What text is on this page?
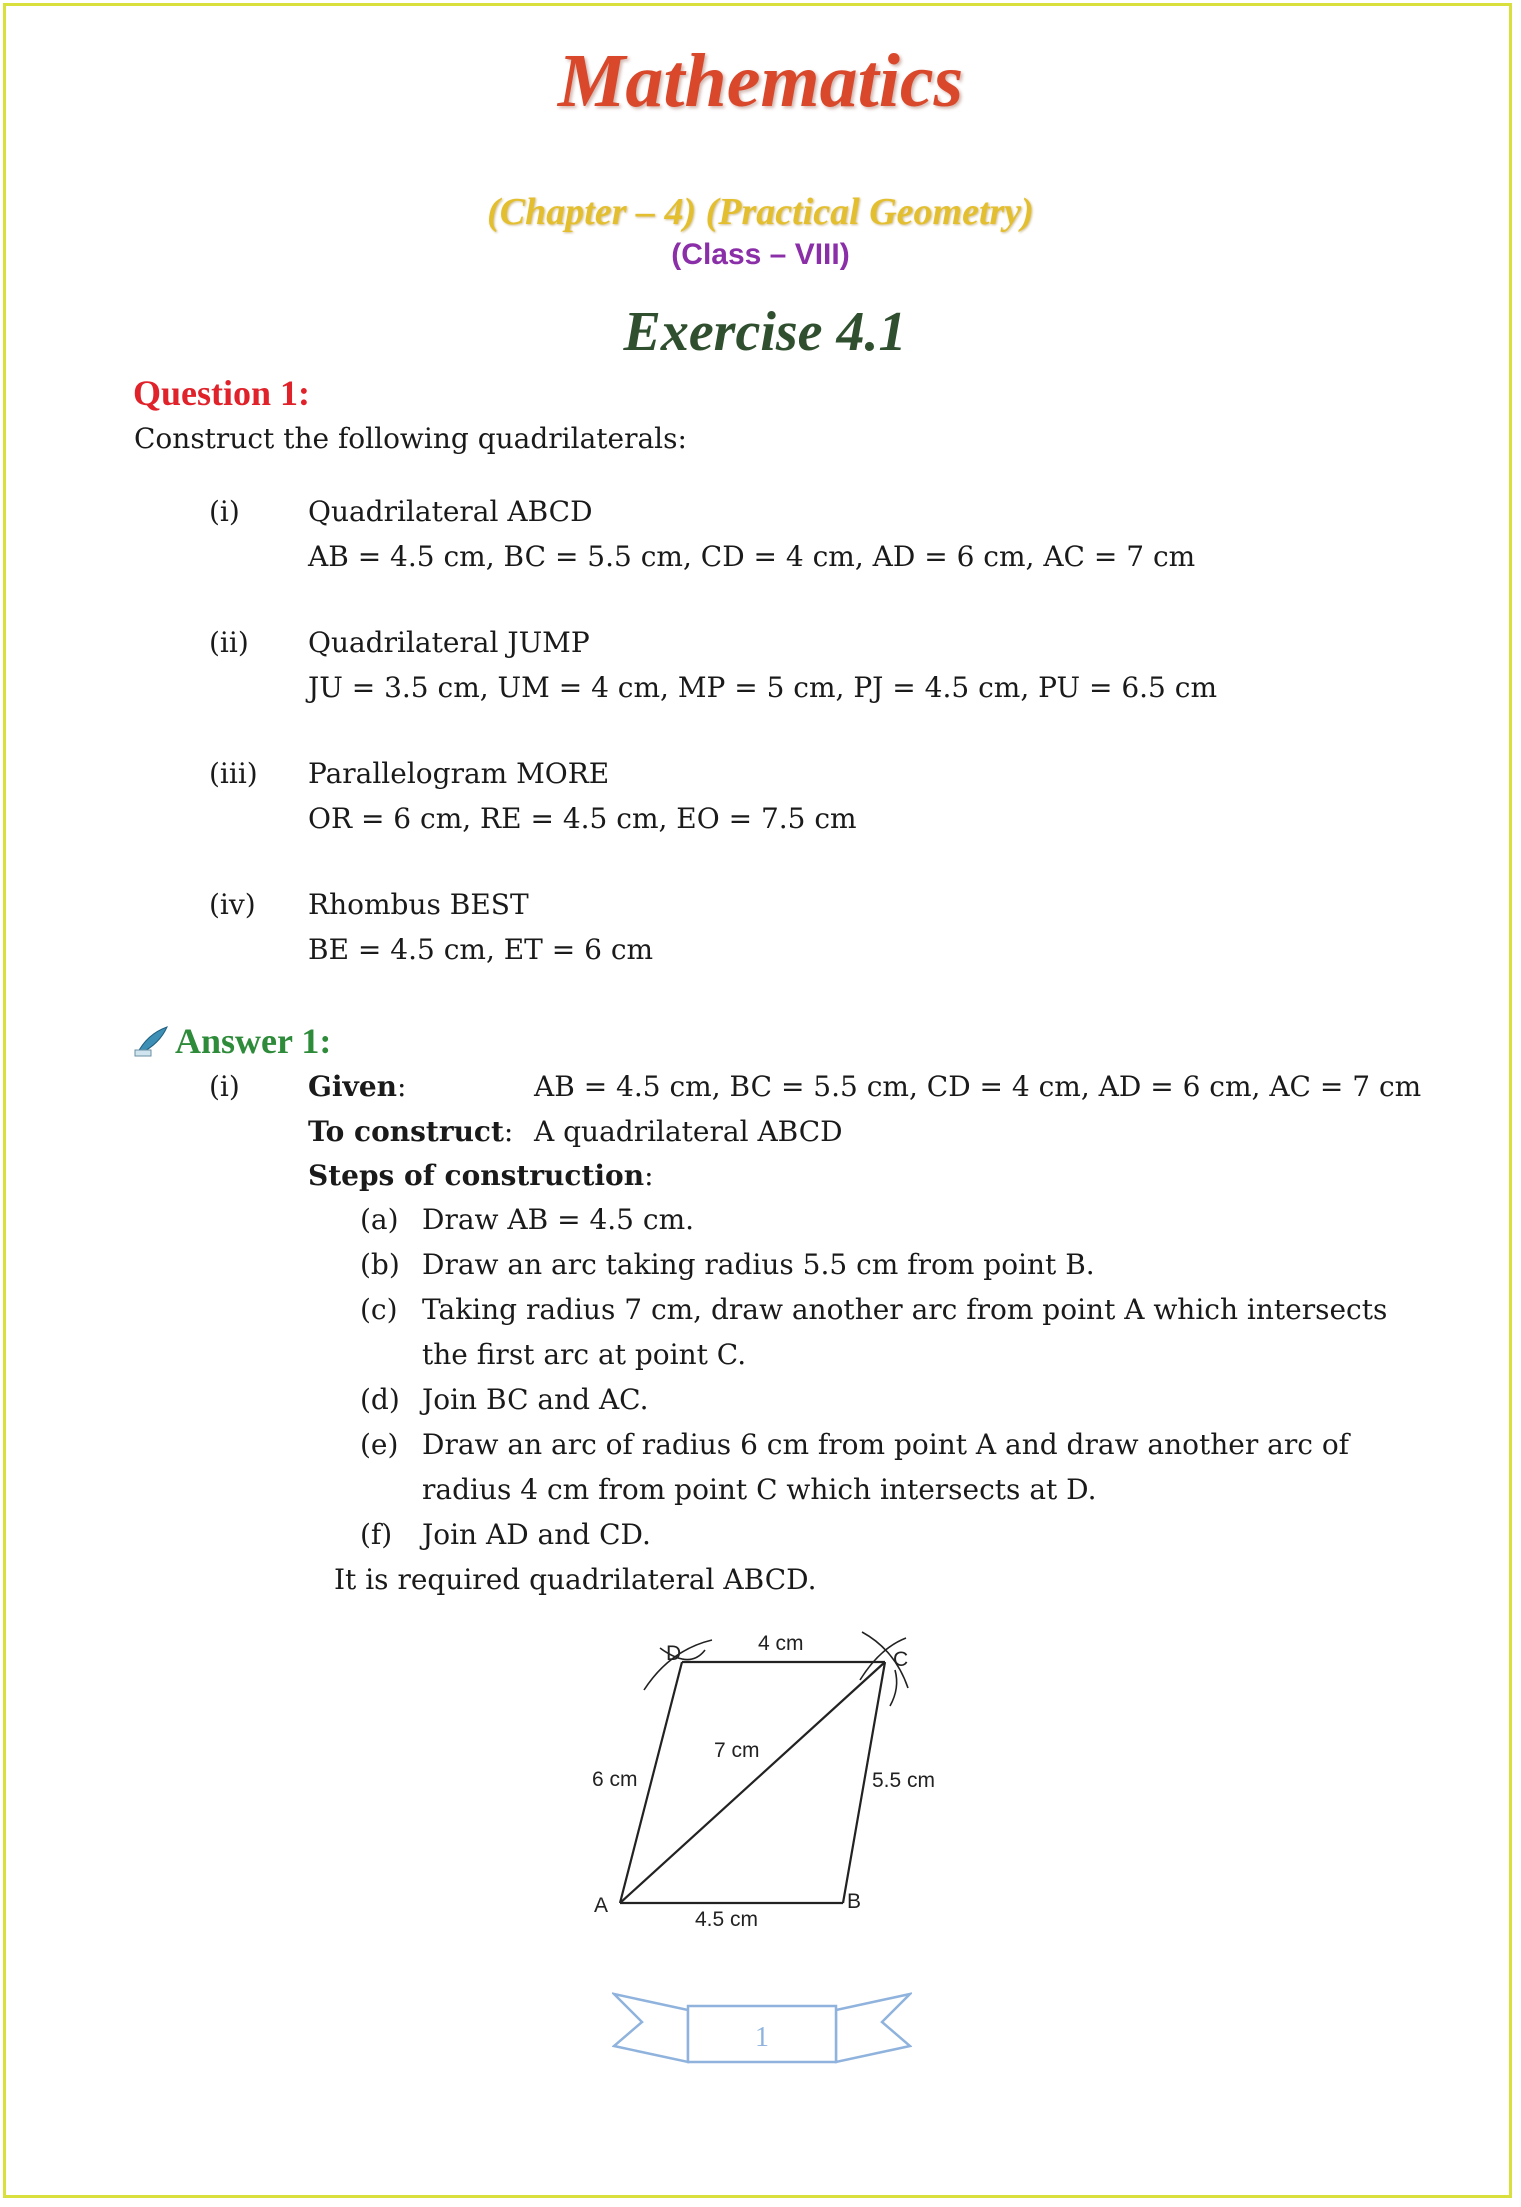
Mathematics
(Chapter – 4) (Practical Geometry)
(Class – VIII)
Exercise 4.1
Question 1:
Construct the following quadrilaterals:
(i) Quadrilateral ABCD
AB = 4.5 cm, BC = 5.5 cm, CD = 4 cm, AD = 6 cm, AC = 7 cm
(ii) Quadrilateral JUMP
JU = 3.5 cm, UM = 4 cm, MP = 5 cm, PJ = 4.5 cm, PU = 6.5 cm
(iii) Parallelogram MORE
OR = 6 cm, RE = 4.5 cm, EO = 7.5 cm
(iv) Rhombus BEST
BE = 4.5 cm, ET = 6 cm
Answer 1:
(i) Given:	AB = 4.5 cm, BC = 5.5 cm, CD = 4 cm, AD = 6 cm, AC = 7 cm
To construct: A quadrilateral ABCD
Steps of construction:
(a) Draw AB = 4.5 cm.
(b) Draw an arc taking radius 5.5 cm from point B.
(c) Taking radius 7 cm, draw another arc from point A which intersects
the first arc at point C.
(d) Join BC and AC.
(e) Draw an arc of radius 6 cm from point A and draw another arc of
radius 4 cm from point C which intersects at D.
(f) Join AD and CD.
It is required quadrilateral ABCD.
A	B
C
D
4.5 cm
5.5 cm
4 cm
6 cm
7 cm
1
